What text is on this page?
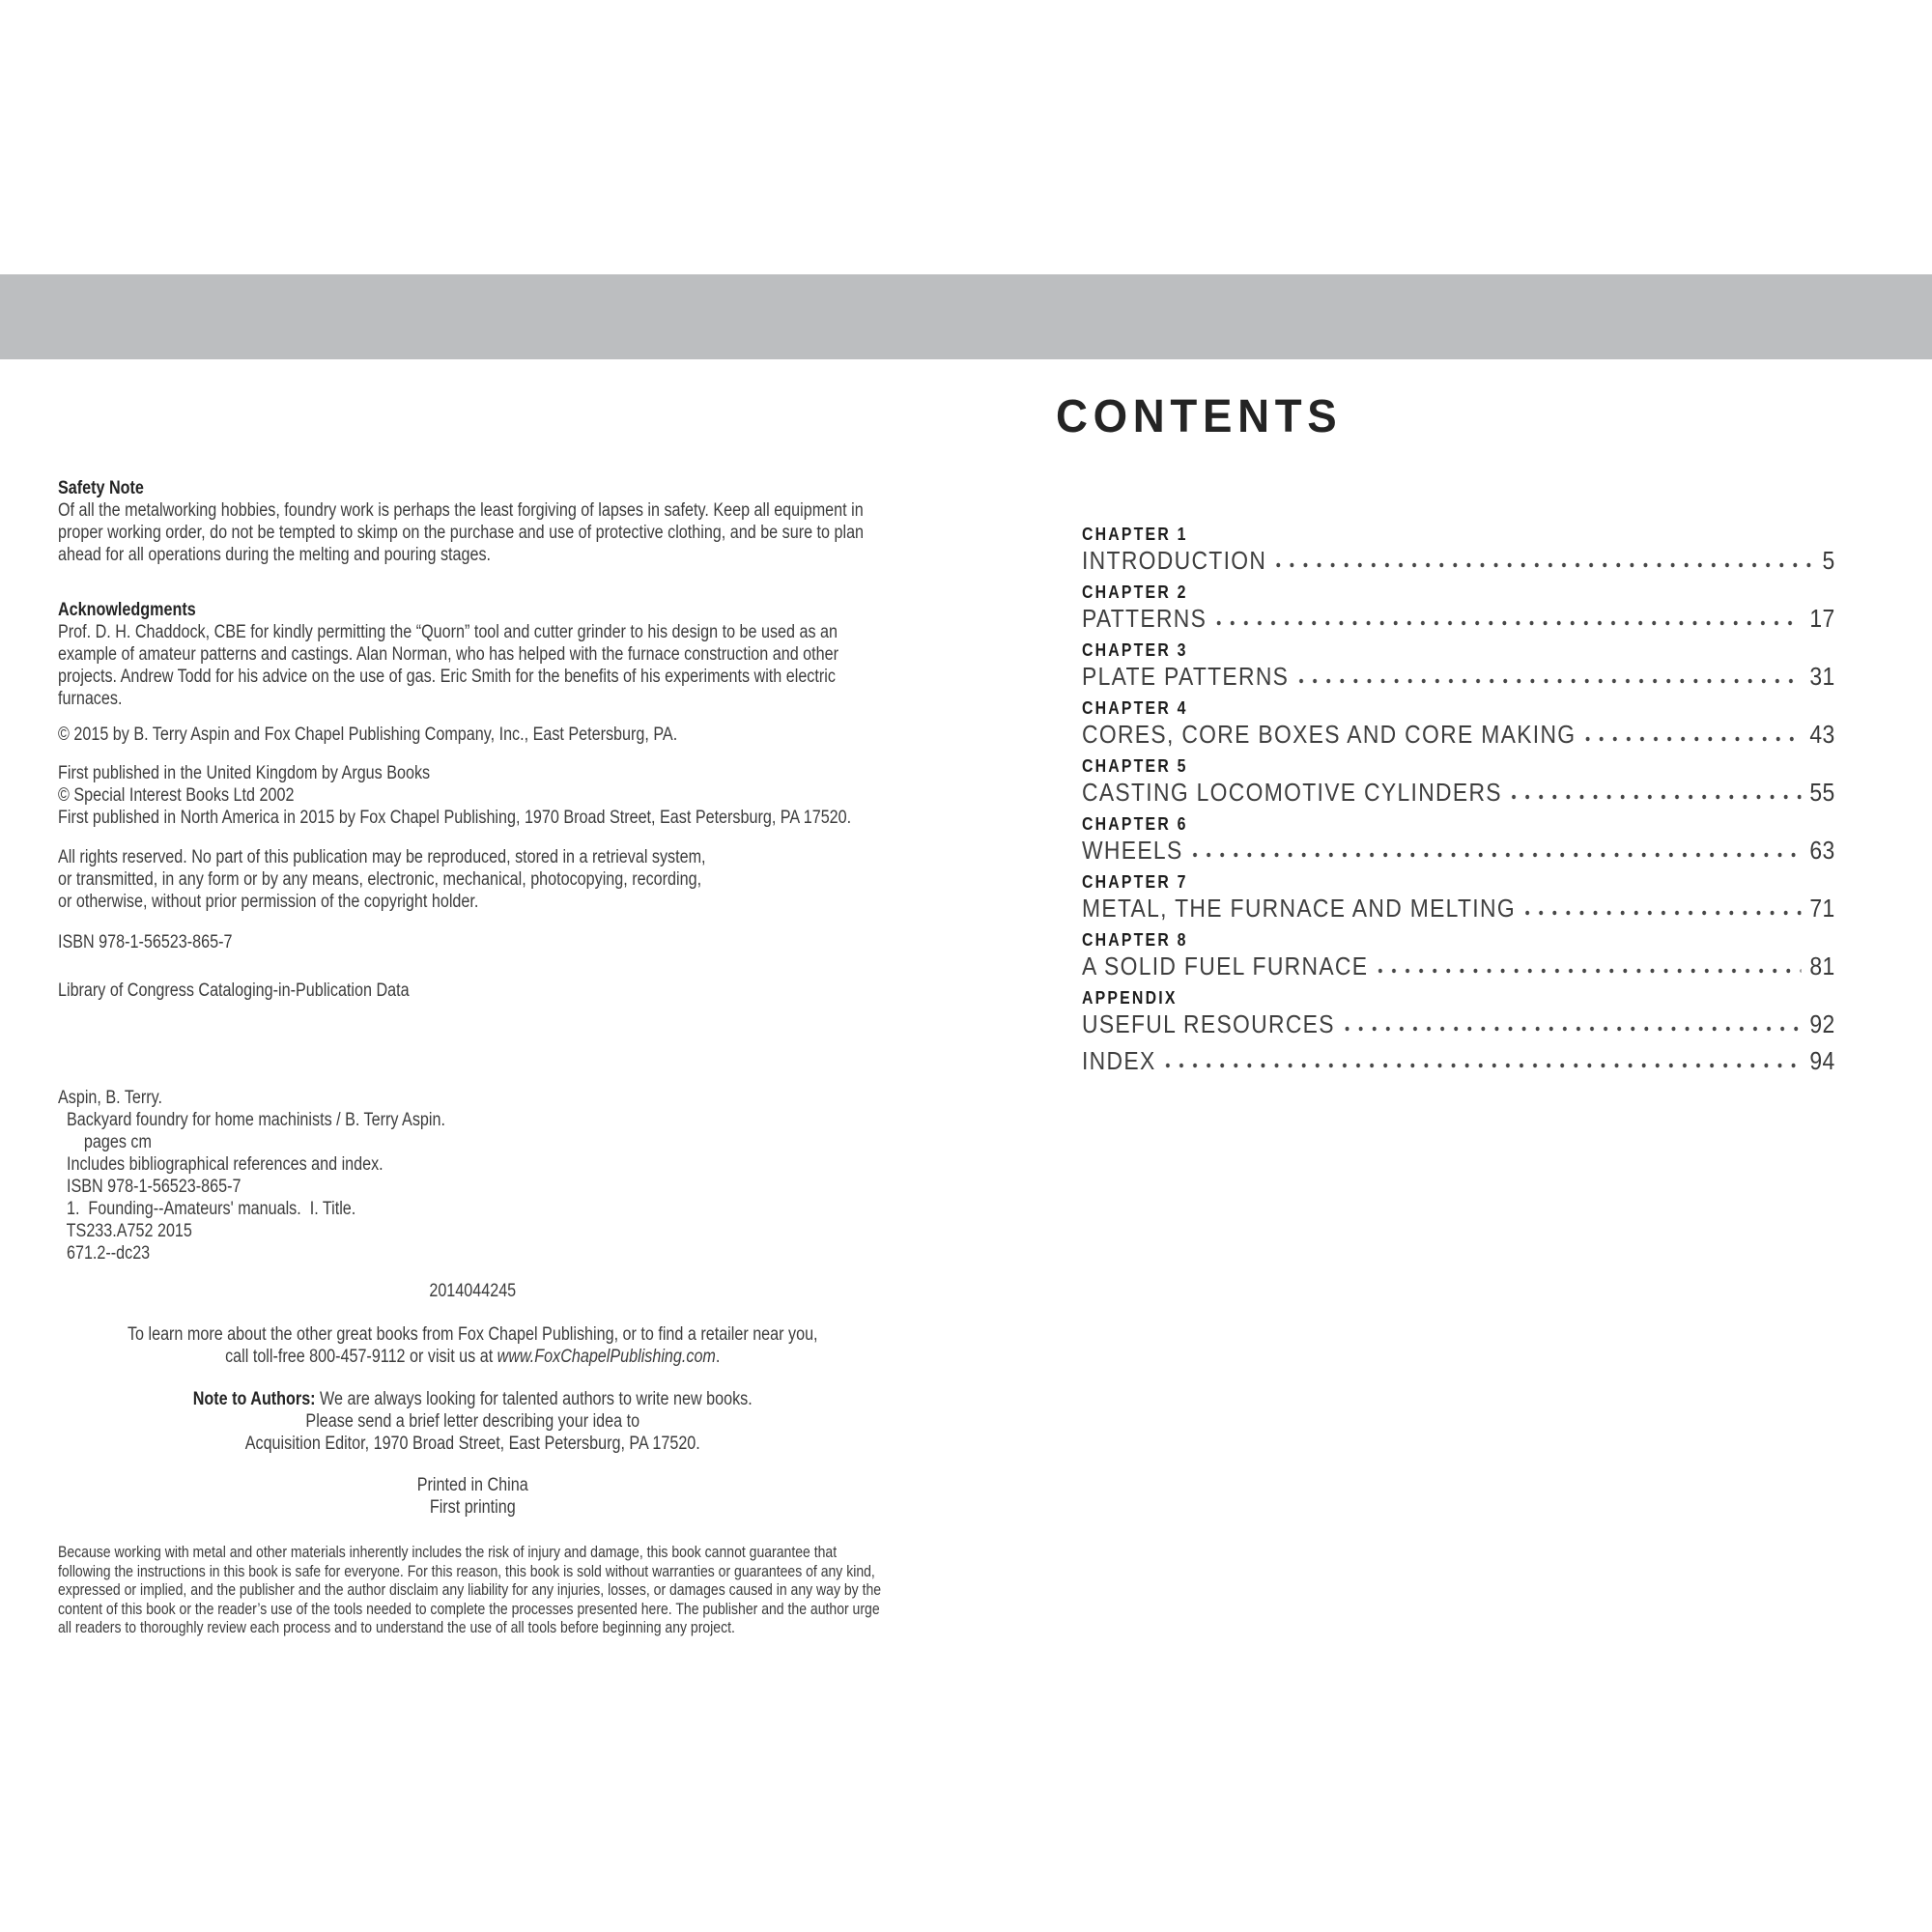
Safety Note
Of all the metalworking hobbies, foundry work is perhaps the least forgiving of lapses in safety. Keep all equipment in proper working order, do not be tempted to skimp on the purchase and use of protective clothing, and be sure to plan ahead for all operations during the melting and pouring stages.
Acknowledgments
Prof. D. H. Chaddock, CBE for kindly permitting the “Quorn” tool and cutter grinder to his design to be used as an example of amateur patterns and castings. Alan Norman, who has helped with the furnace construction and other projects. Andrew Todd for his advice on the use of gas. Eric Smith for the benefits of his experiments with electric furnaces.
© 2015 by B. Terry Aspin and Fox Chapel Publishing Company, Inc., East Petersburg, PA.
First published in the United Kingdom by Argus Books
© Special Interest Books Ltd 2002
First published in North America in 2015 by Fox Chapel Publishing, 1970 Broad Street, East Petersburg, PA 17520.
All rights reserved. No part of this publication may be reproduced, stored in a retrieval system,
or transmitted, in any form or by any means, electronic, mechanical, photocopying, recording,
or otherwise, without prior permission of the copyright holder.
ISBN 978-1-56523-865-7
Library of Congress Cataloging-in-Publication Data

Aspin, B. Terry.
Backyard foundry for home machinists / B. Terry Aspin.
pages cm
Includes bibliographical references and index.
ISBN 978-1-56523-865-7
1.  Founding--Amateurs' manuals.  I. Title.
TS233.A752 2015
671.2--dc23
2014044245
To learn more about the other great books from Fox Chapel Publishing, or to find a retailer near you,
call toll-free 800-457-9112 or visit us at www.FoxChapelPublishing.com.
Note to Authors: We are always looking for talented authors to write new books.
Please send a brief letter describing your idea to
Acquisition Editor, 1970 Broad Street, East Petersburg, PA 17520.
Printed in China
First printing
Because working with metal and other materials inherently includes the risk of injury and damage, this book cannot guarantee that following the instructions in this book is safe for everyone. For this reason, this book is sold without warranties or guarantees of any kind, expressed or implied, and the publisher and the author disclaim any liability for any injuries, losses, or damages caused in any way by the content of this book or the reader’s use of the tools needed to complete the processes presented here. The publisher and the author urge all readers to thoroughly review each process and to understand the use of all tools before beginning any project.
CONTENTS
CHAPTER 1
INTRODUCTION	5
CHAPTER 2
PATTERNS	17
CHAPTER 3
PLATE PATTERNS	31
CHAPTER 4
CORES, CORE BOXES AND CORE MAKING	43
CHAPTER 5
CASTING LOCOMOTIVE CYLINDERS	55
CHAPTER 6
WHEELS	63
CHAPTER 7
METAL, THE FURNACE AND MELTING	71
CHAPTER 8
A SOLID FUEL FURNACE	81
APPENDIX
USEFUL RESOURCES	92
INDEX	94
